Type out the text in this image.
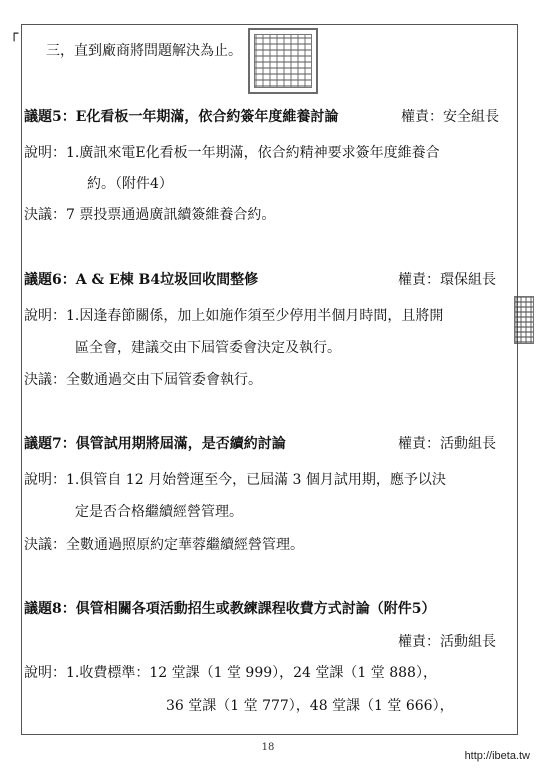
┌
三，直到廠商將問題解決為止。
議題5：E化看板一年期滿，依合約簽年度維養討論	權責：安全組長
說明：1.廣訊來電E化看板一年期滿，依合約精神要求簽年度維養合
約。（附件4）
決議：7 票投票通過廣訊續簽維養合約。
議題6：A & E棟 B4垃圾回收間整修	權責：環保組長
說明：1.因逢春節關係，加上如施作須至少停用半個月時間，且將開
區全會，建議交由下屆管委會決定及執行。
決議：全數通過交由下屆管委會執行。
議題7：俱管試用期將屆滿，是否續約討論	權責：活動組長
說明：1.俱管自 12 月始營運至今，已屆滿 3 個月試用期，應予以決
定是否合格繼續經營管理。
決議：全數通過照原約定華蓉繼續經營管理。
議題8：俱管相關各項活動招生或教練課程收費方式討論（附件5）
權責：活動組長
說明：1.收費標準：12 堂課（1 堂 999），24 堂課（1 堂 888），
36 堂課（1 堂 777），48 堂課（1 堂 666），
18
http://ibeta.tw
